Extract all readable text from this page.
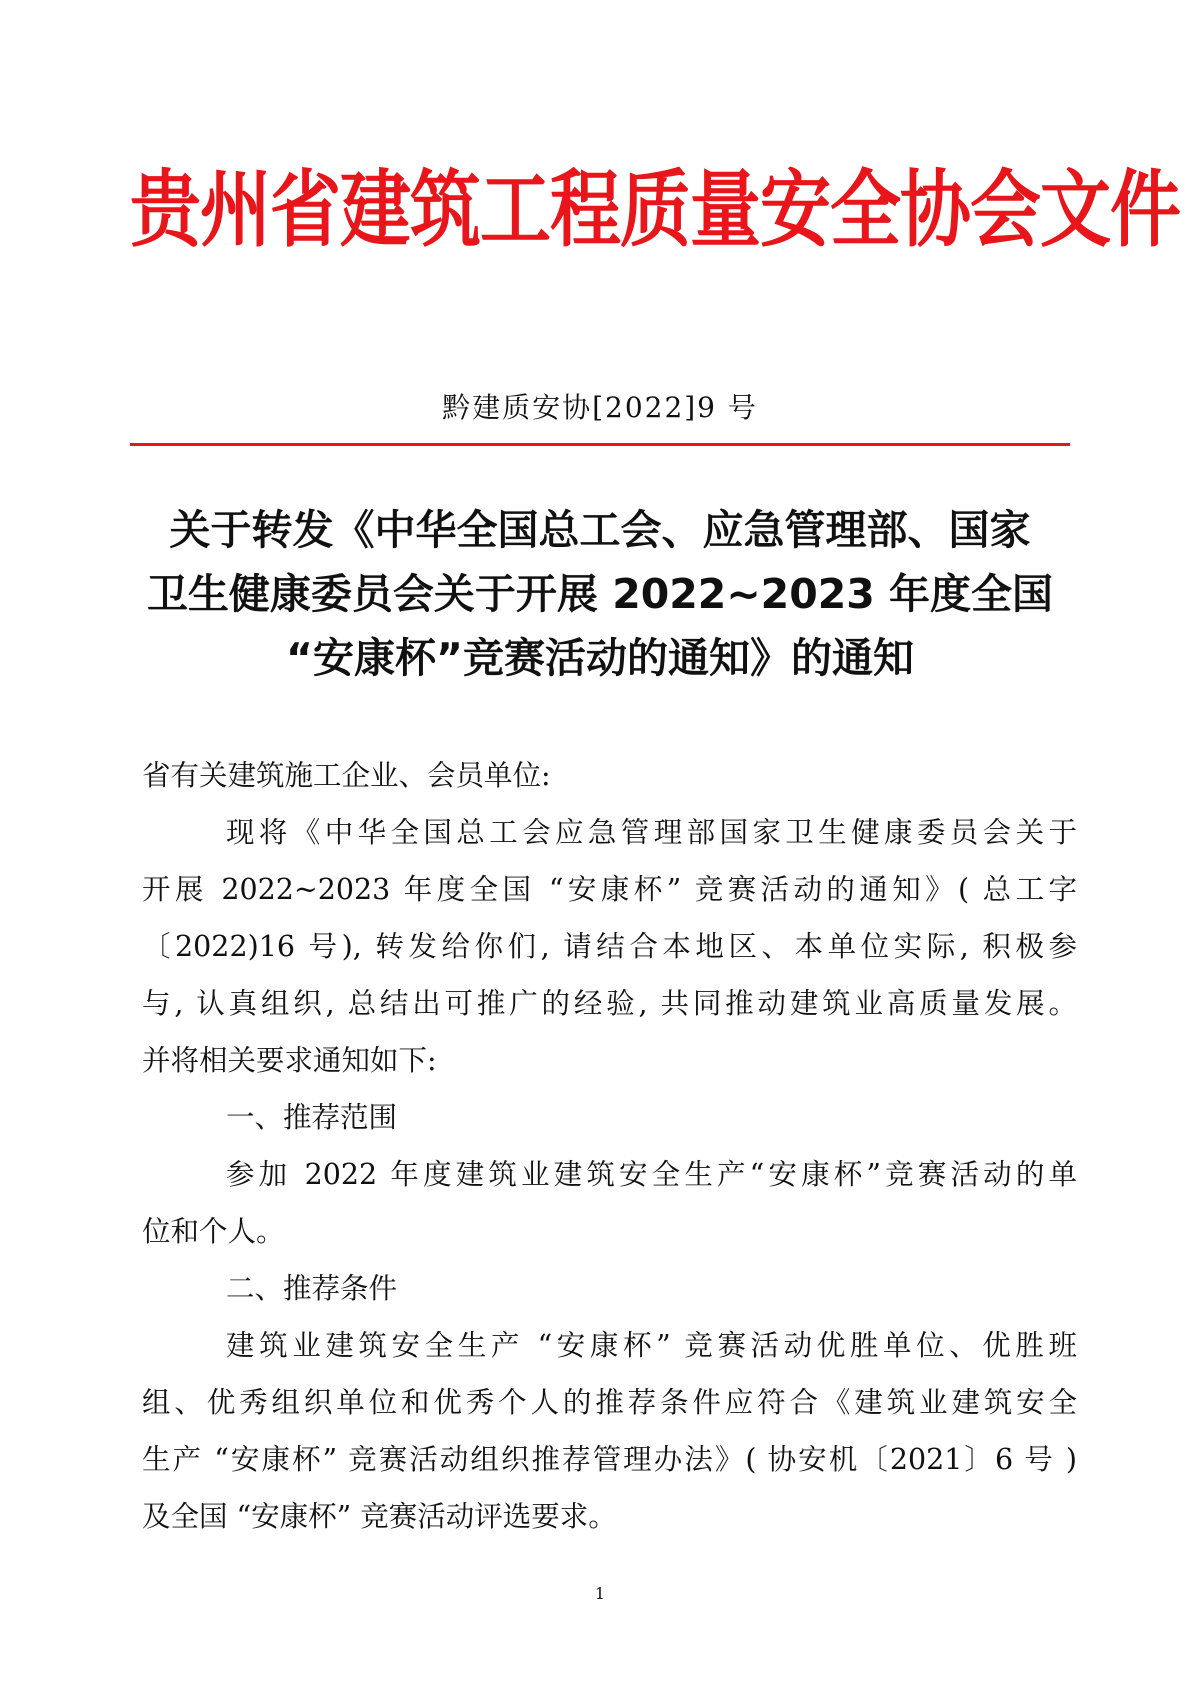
贵州省建筑工程质量安全协会文件
黔建质安协[2022]9 号
关于转发《中华全国总工会、应急管理部、国家
卫生健康委员会关于开展 2022~2023 年度全国
“安康杯”竞赛活动的通知》的通知
省有关建筑施工企业、会员单位:
现将《中华全国总工会应急管理部国家卫生健康委员会关于
开展 2022~2023 年度全国 “安康杯” 竞赛活动的通知》( 总工字
〔2022)16 号), 转发给你们, 请结合本地区、本单位实际, 积极参
与, 认真组织, 总结出可推广的经验, 共同推动建筑业高质量发展。
并将相关要求通知如下:
一、推荐范围
参加 2022 年度建筑业建筑安全生产“安康杯”竞赛活动的单
位和个人。
二、推荐条件
建筑业建筑安全生产 “安康杯” 竞赛活动优胜单位、优胜班
组、优秀组织单位和优秀个人的推荐条件应符合《建筑业建筑安全
生产 “安康杯” 竞赛活动组织推荐管理办法》( 协安机〔2021〕6 号 )
及全国 “安康杯” 竞赛活动评选要求。
1
